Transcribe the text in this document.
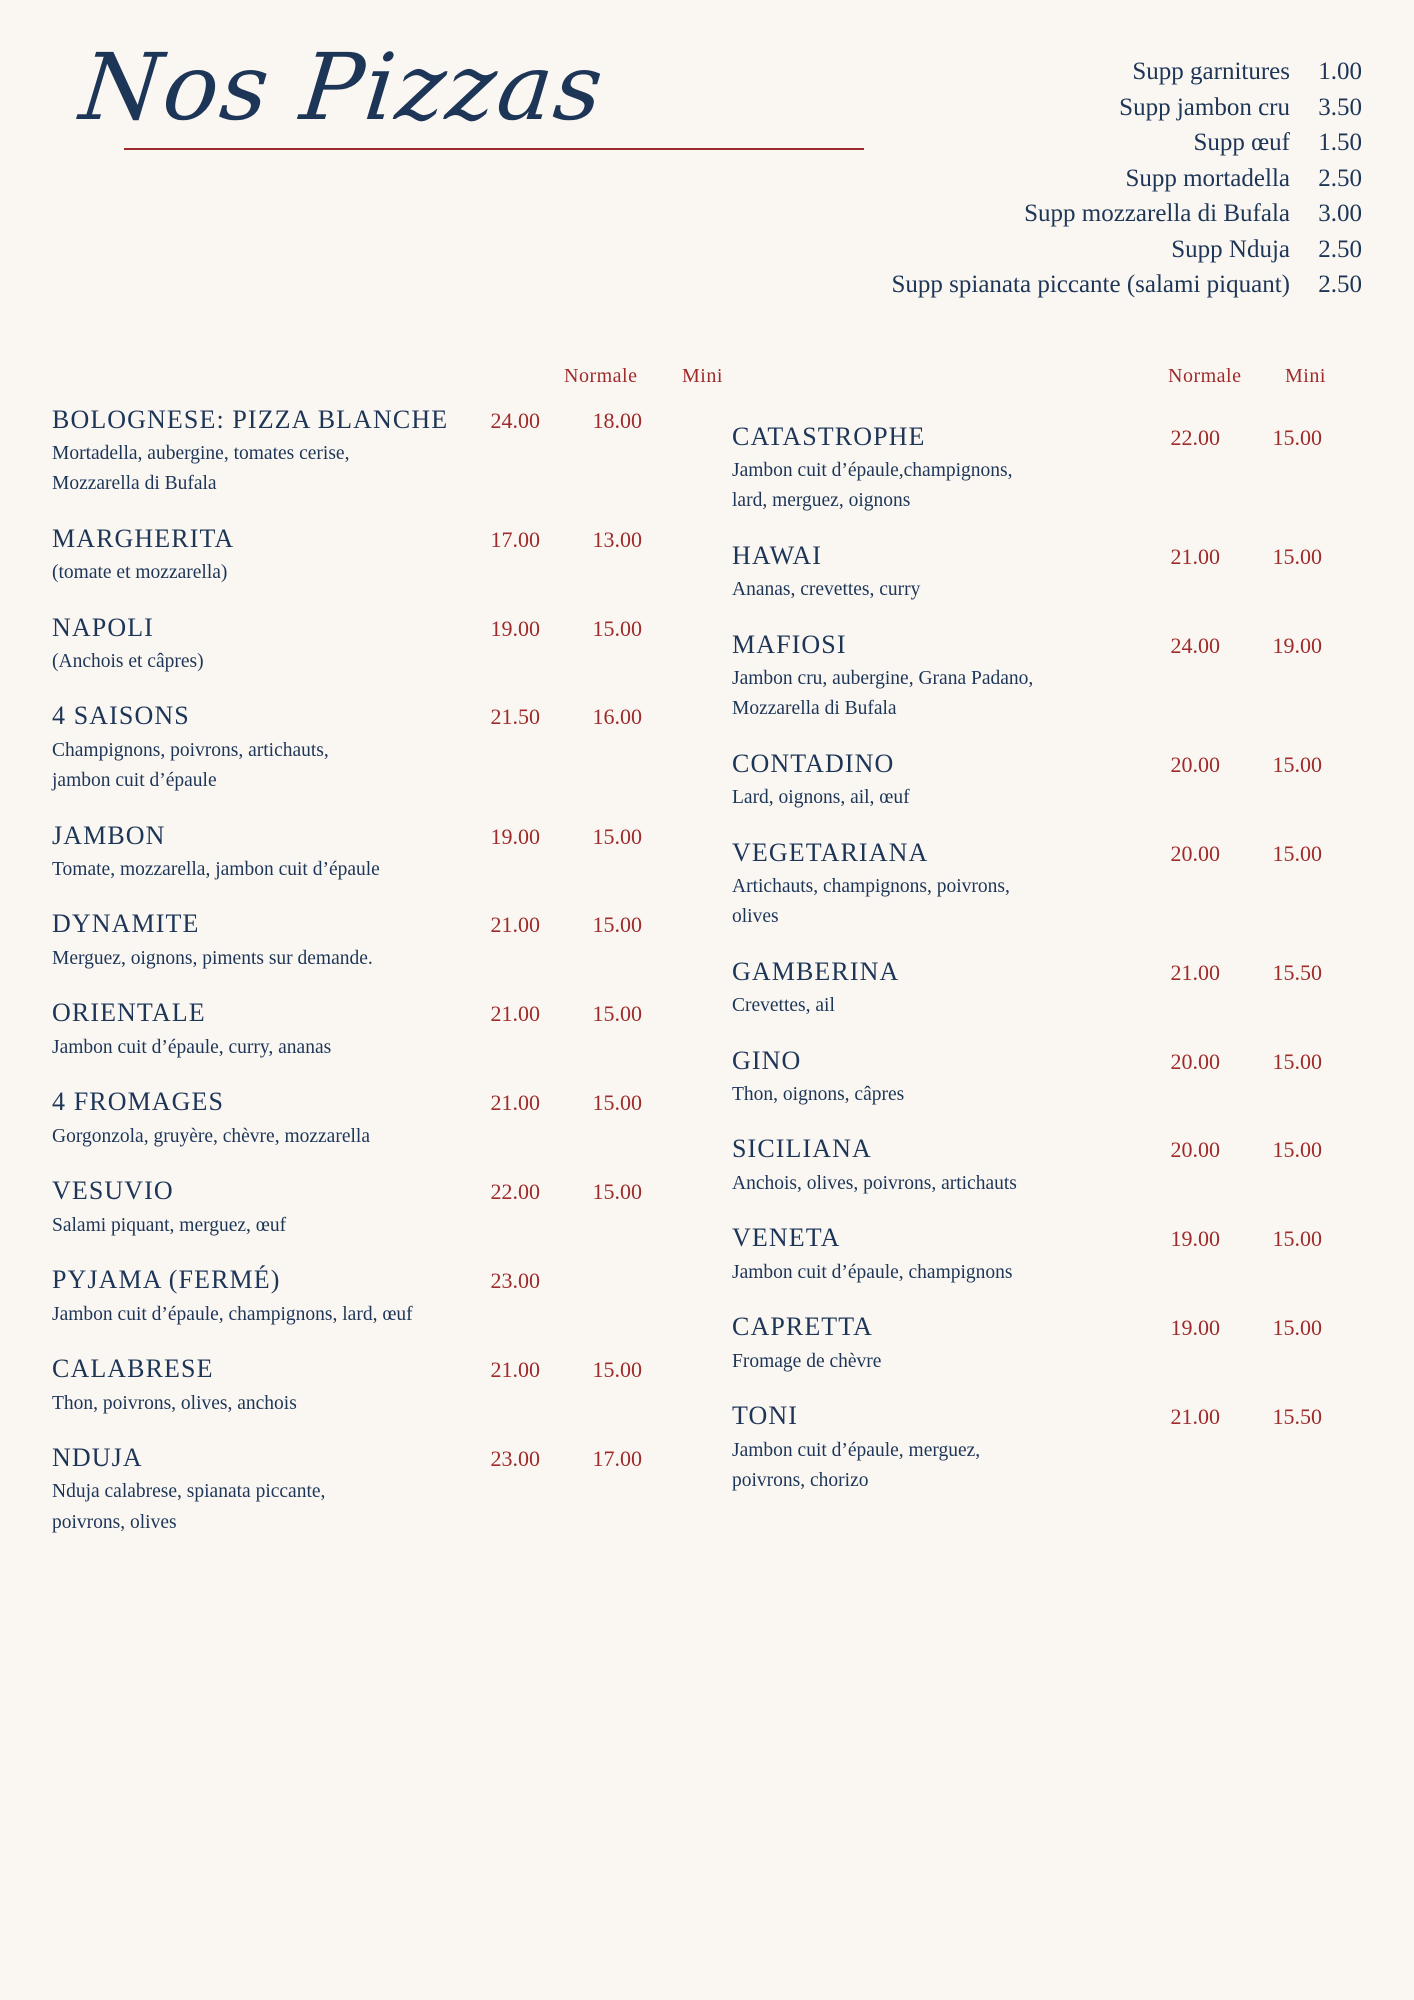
Nos Pizzas	Supp garnitures	1.00
Supp jambon cru	3.50
Supp œuf	1.50
Supp mortadella	2.50
Supp mozzarella di Bufala	3.00
Supp Nduja	2.50
Supp spianata piccante (salami piquant)	2.50
Normale Mini	Normale Mini
BOLOGNESE: PIZZA BLANCHE
Mortadella, aubergine, tomates cerise,
Mozzarella di Bufala
24.00	18.00
MARGHERITA
(tomate et mozzarella)
17.00	13.00
NAPOLI
(Anchois et câpres)
19.00	15.00
4 SAISONS
Champignons, poivrons, artichauts,
jambon cuit d’épaule
21.50	16.00
JAMBON
Tomate, mozzarella, jambon cuit d’épaule
19.00	15.00
DYNAMITE
Merguez, oignons, piments sur demande.
21.00	15.00
ORIENTALE
Jambon cuit d’épaule, curry, ananas
21.00	15.00
4 FROMAGES
Gorgonzola, gruyère, chèvre, mozzarella
21.00	15.00
VESUVIO
Salami piquant, merguez, œuf
22.00	15.00
PYJAMA (FERMÉ)
Jambon cuit d’épaule, champignons, lard, œuf
23.00
CALABRESE
Thon, poivrons, olives, anchois
21.00	15.00
NDUJA
Nduja calabrese, spianata piccante,
poivrons, olives
23.00	17.00
CATASTROPHE
Jambon cuit d’épaule,champignons,
lard, merguez, oignons
22.00	15.00
HAWAI
Ananas, crevettes, curry
21.00	15.00
MAFIOSI
Jambon cru, aubergine, Grana Padano,
Mozzarella di Bufala
24.00	19.00
CONTADINO
Lard, oignons, ail, œuf
20.00	15.00
VEGETARIANA
Artichauts, champignons, poivrons,
olives
20.00	15.00
GAMBERINA
Crevettes, ail
21.00	15.50
GINO
Thon, oignons, câpres
20.00	15.00
SICILIANA
Anchois, olives, poivrons, artichauts
20.00	15.00
VENETA
Jambon cuit d’épaule, champignons
19.00	15.00
CAPRETTA
Fromage de chèvre
19.00	15.00
TONI
Jambon cuit d’épaule, merguez,
poivrons, chorizo
21.00	15.50
